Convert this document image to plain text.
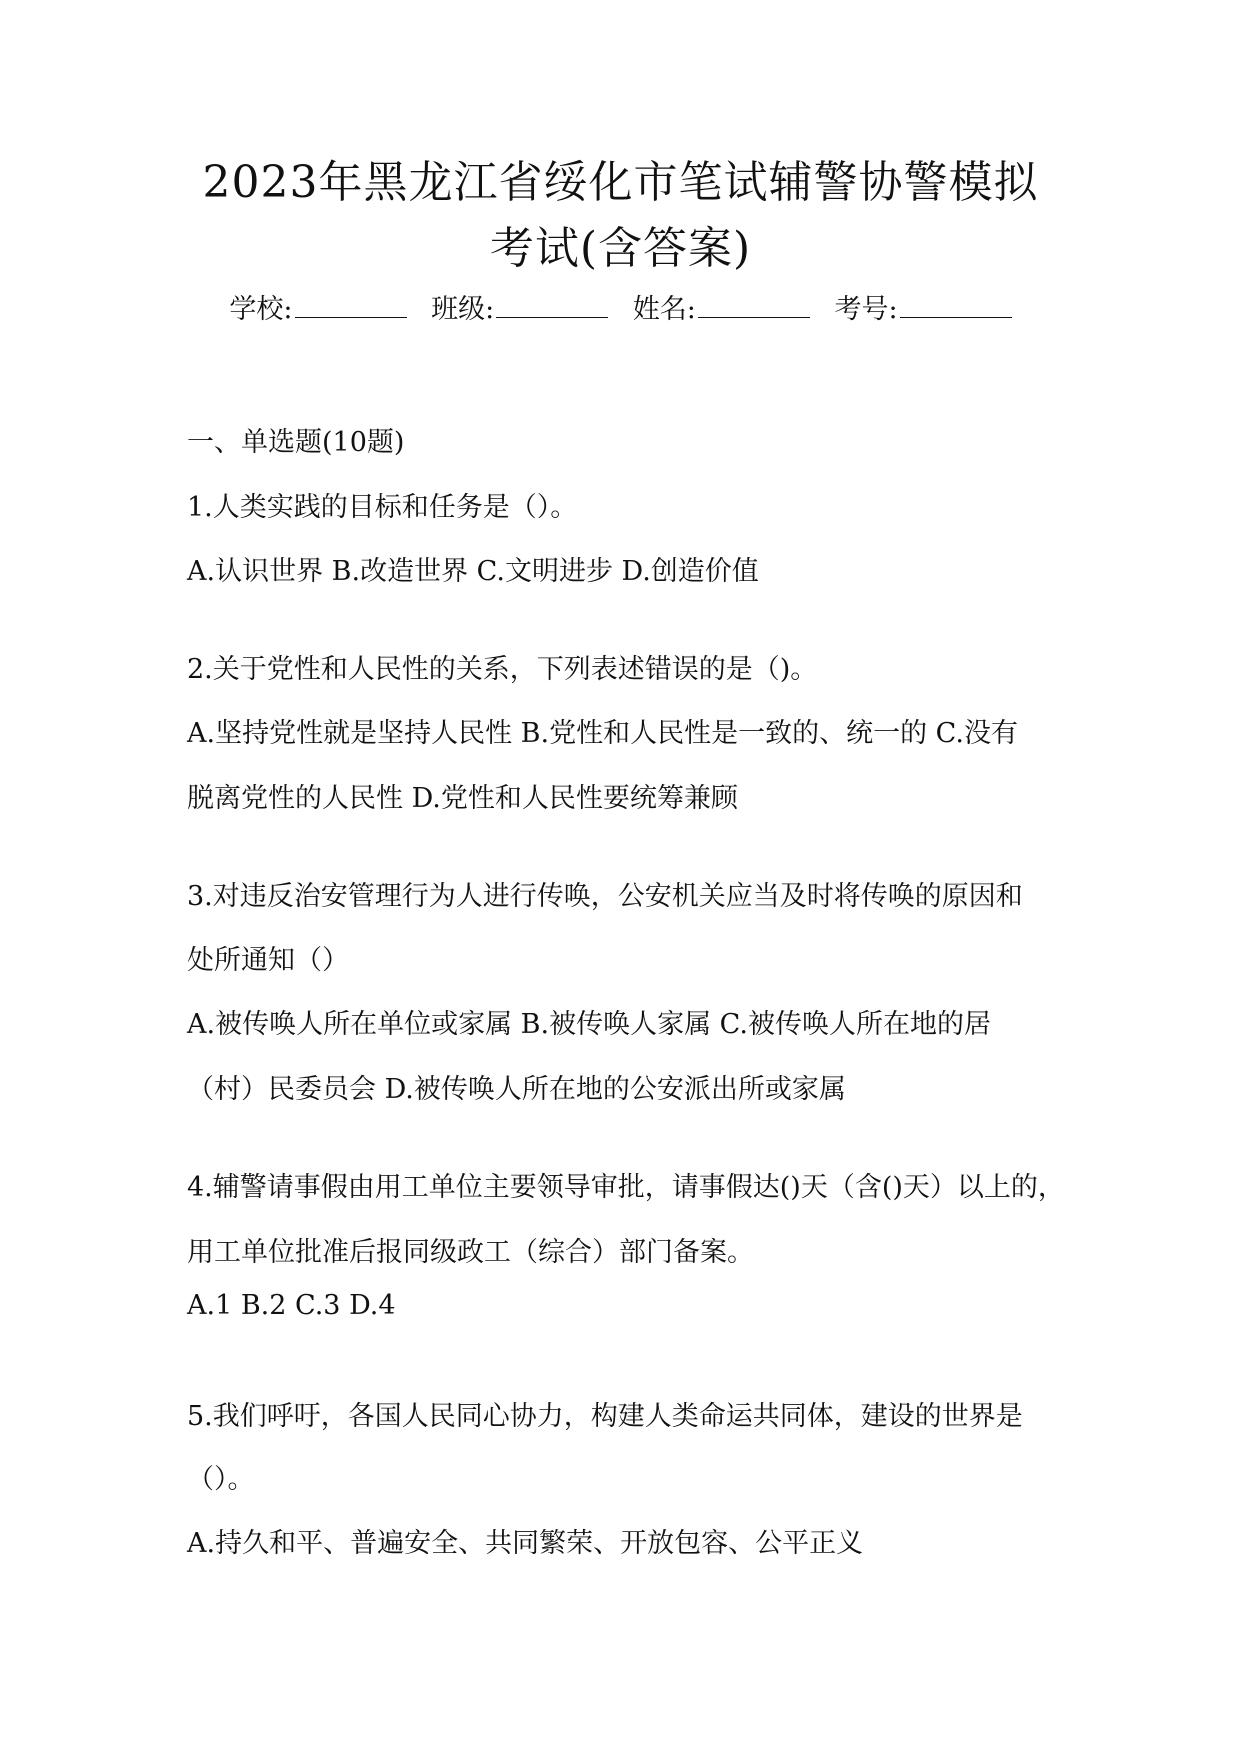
2023年黑龙江省绥化市笔试辅警协警模拟
考试(含答案)
学校:	班级:	姓名:	考号:
一、单选题(10题)
1.人类实践的目标和任务是（）。
A.认识世界 B.改造世界 C.文明进步 D.创造价值
2.关于党性和人民性的关系，下列表述错误的是（)。
A.坚持党性就是坚持人民性 B.党性和人民性是一致的、统一的 C.没有
脱离党性的人民性 D.党性和人民性要统筹兼顾
3.对违反治安管理行为人进行传唤，公安机关应当及时将传唤的原因和
处所通知（）
A.被传唤人所在单位或家属 B.被传唤人家属 C.被传唤人所在地的居
（村）民委员会 D.被传唤人所在地的公安派出所或家属
4.辅警请事假由用工单位主要领导审批，请事假达()天（含()天）以上的，
用工单位批准后报同级政工（综合）部门备案。
A.1 B.2 C.3 D.4
5.我们呼吁，各国人民同心协力，构建人类命运共同体，建设的世界是
（）。
A.持久和平、普遍安全、共同繁荣、开放包容、公平正义
